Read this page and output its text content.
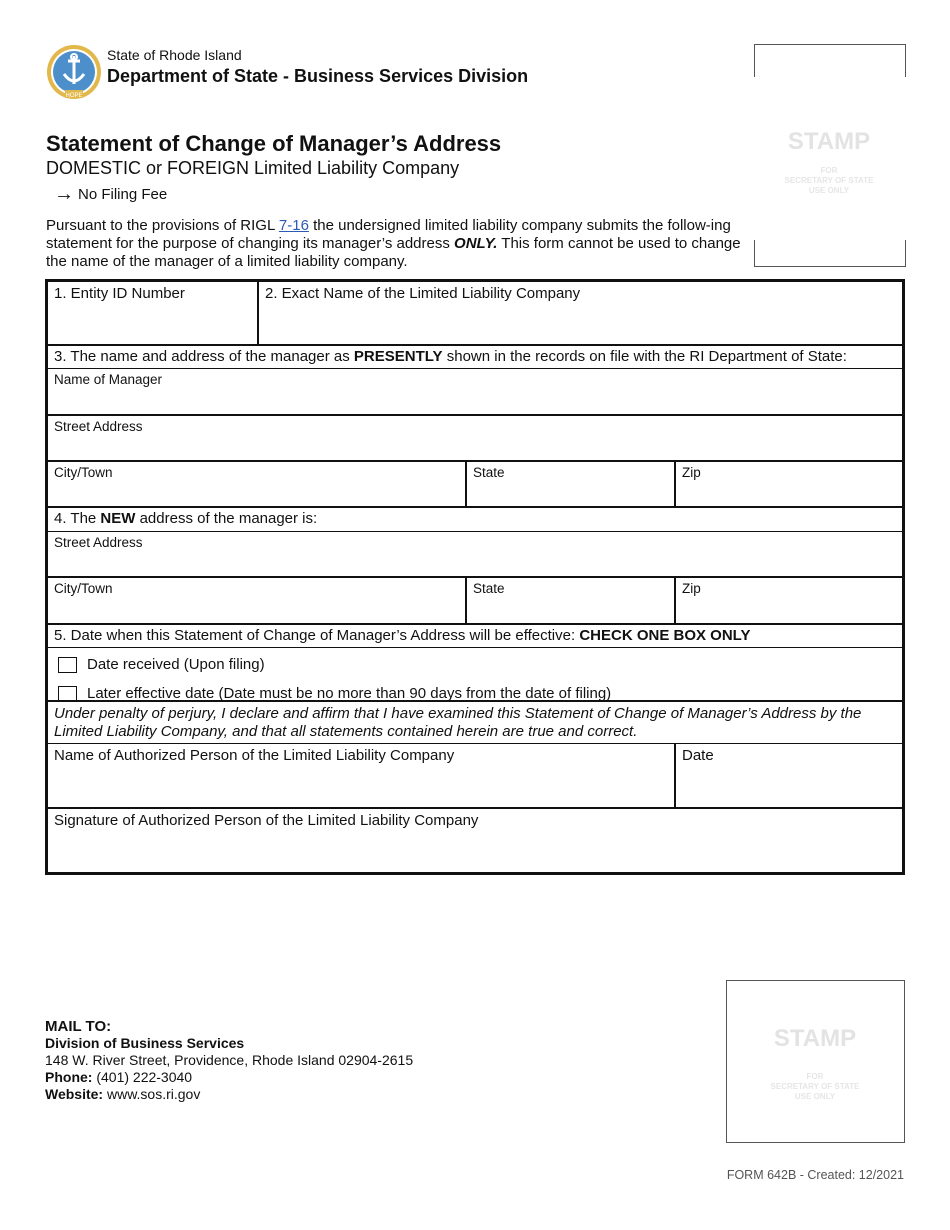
HOPE
State of Rhode Island
Department of State - Business Services Division
STAMP
FOR
SECRETARY OF STATE
USE ONLY
Statement of Change of Manager’s Address
DOMESTIC or FOREIGN Limited Liability Company
→ No Filing Fee
Pursuant to the provisions of RIGL 7-16 the undersigned limited liability company submits the follow-ing statement for the purpose of changing its manager’s address ONLY. This form cannot be used to change the name of the manager of a limited liability company.
1. Entity ID Number	2. Exact Name of the Limited Liability Company
3. The name and address of the manager as PRESENTLY shown in the records on file with the RI Department of State:
Name of Manager
Street Address
City/Town	State	Zip
4. The NEW address of the manager is:
Street Address
City/Town	State	Zip
5. Date when this Statement of Change of Manager’s Address will be effective: CHECK ONE BOX ONLY
Date received (Upon filing)
Later effective date (Date must be no more than 90 days from the date of filing)
Under penalty of perjury, I declare and affirm that I have examined this Statement of Change of Manager’s Address by the Limited Liability Company, and that all statements contained herein are true and correct.
Name of Authorized Person of the Limited Liability Company	Date
Signature of Authorized Person of the Limited Liability Company
MAIL TO:
Division of Business Services
148 W. River Street, Providence, Rhode Island 02904-2615
Phone: (401) 222-3040
Website: www.sos.ri.gov
STAMP
FOR
SECRETARY OF STATE
USE ONLY
FORM 642B - Created: 12/2021
